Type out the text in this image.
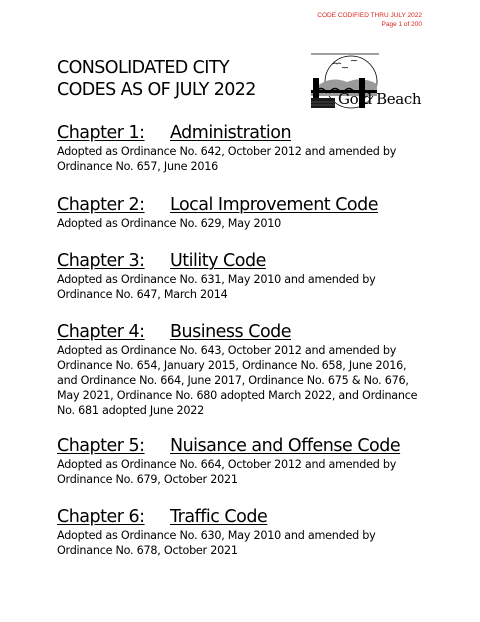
CODE CODIFIED THRU JULY 2022
Page 1 of 200
CONSOLIDATED CITY
CODES AS OF JULY 2022	Gold Beach
Chapter 1: Administration

Adopted as Ordinance No. 642, October 2012 and amended by Ordinance No. 657, June 2016

Chapter 2: Local Improvement Code

Adopted as Ordinance No. 629, May 2010

Chapter 3: Utility Code

Adopted as Ordinance No. 631, May 2010 and amended by Ordinance No. 647, March 2014

Chapter 4: Business Code

Adopted as Ordinance No. 643, October 2012 and amended by Ordinance No. 654, January 2015, Ordinance No. 658, June 2016, and Ordinance No. 664, June 2017, Ordinance No. 675 & No. 676, May 2021, Ordinance No. 680 adopted March 2022, and Ordinance No. 681 adopted June 2022

Chapter 5: Nuisance and Offense Code

Adopted as Ordinance No. 664, October 2012 and amended by Ordinance No. 679, October 2021

Chapter 6: Traffic Code

Adopted as Ordinance No. 630, May 2010 and amended by Ordinance No. 678, October 2021
